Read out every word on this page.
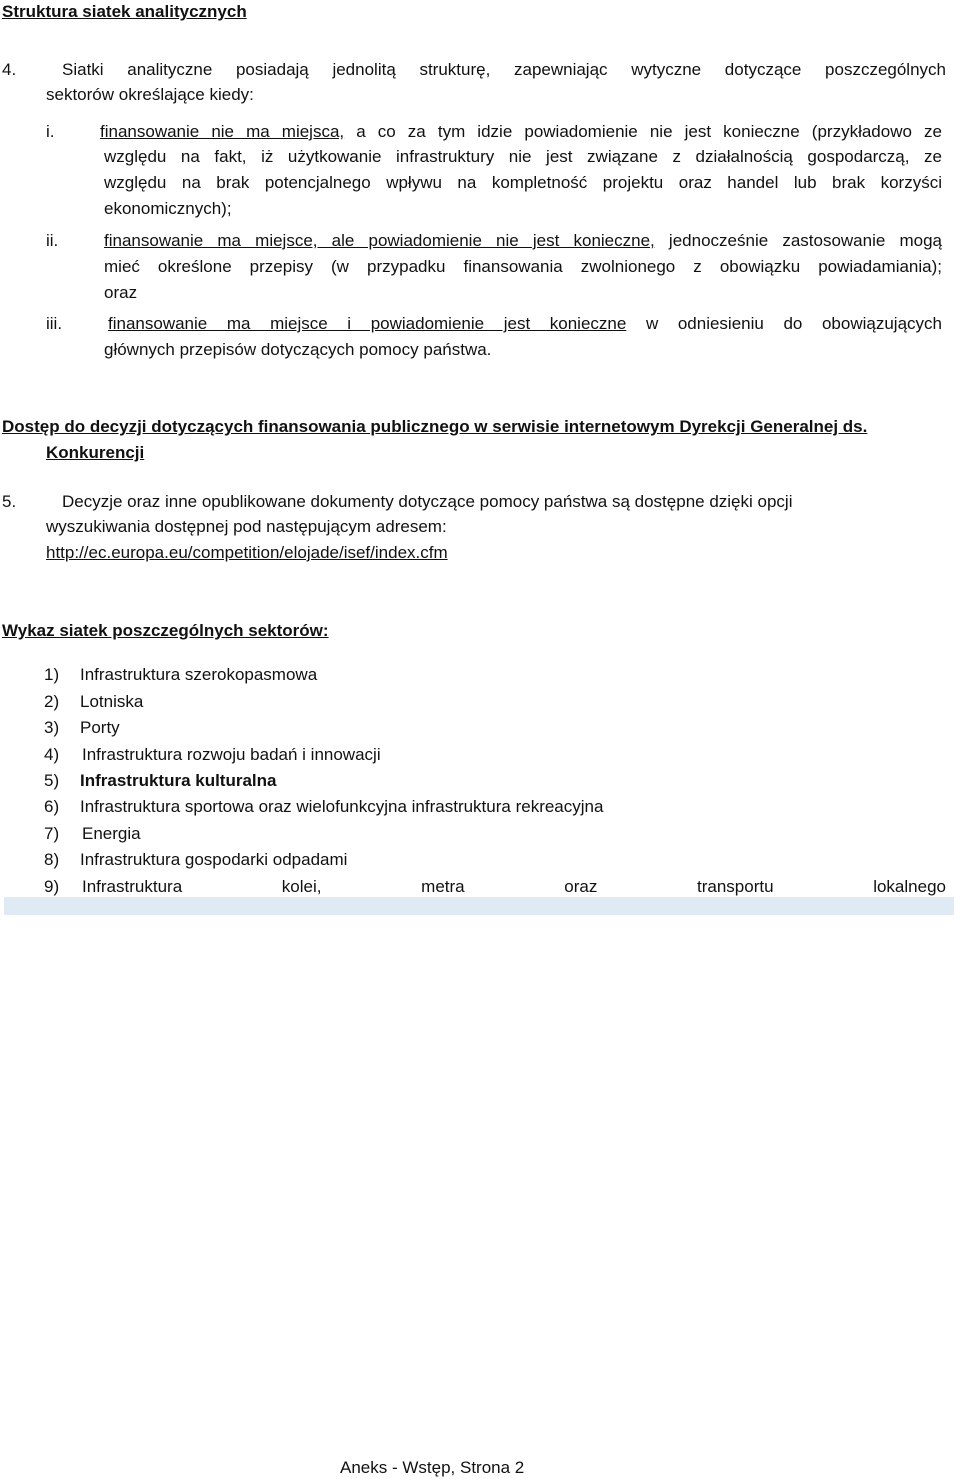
Struktura siatek analitycznych
4.	Siatki analityczne posiadają jednolitą strukturę, zapewniając wytyczne dotyczące poszczególnych
sektorów określające kiedy:
i.	finansowanie nie ma miejsca, a co za tym idzie powiadomienie nie jest konieczne (przykładowo ze
względu na fakt, iż użytkowanie infrastruktury nie jest związane z działalnością gospodarczą, ze
względu na brak potencjalnego wpływu na kompletność projektu oraz handel lub brak korzyści
ekonomicznych);
ii.	finansowanie ma miejsce, ale powiadomienie nie jest konieczne, jednocześnie zastosowanie mogą
mieć określone przepisy (w przypadku finansowania zwolnionego z obowiązku powiadamiania);
oraz
iii.	finansowanie ma miejsce i powiadomienie jest konieczne w odniesieniu do obowiązujących
głównych przepisów dotyczących pomocy państwa.
Dostęp do decyzji dotyczących finansowania publicznego w serwisie internetowym Dyrekcji Generalnej ds.
Konkurencji
5.	Decyzje oraz inne opublikowane dokumenty dotyczące pomocy państwa są dostępne dzięki opcji
wyszukiwania dostępnej pod następującym adresem:
http://ec.europa.eu/competition/elojade/isef/index.cfm
Wykaz siatek poszczególnych sektorów:
1) Infrastruktura szerokopasmowa
2) Lotniska
3) Porty
4) Infrastruktura rozwoju badań i innowacji
5) Infrastruktura kulturalna
6) Infrastruktura sportowa oraz wielofunkcyjna infrastruktura rekreacyjna
7) Energia
8) Infrastruktura gospodarki odpadami
9) Infrastruktura kolei, metra oraz transportu lokalnego
Aneks - Wstęp, Strona 2
